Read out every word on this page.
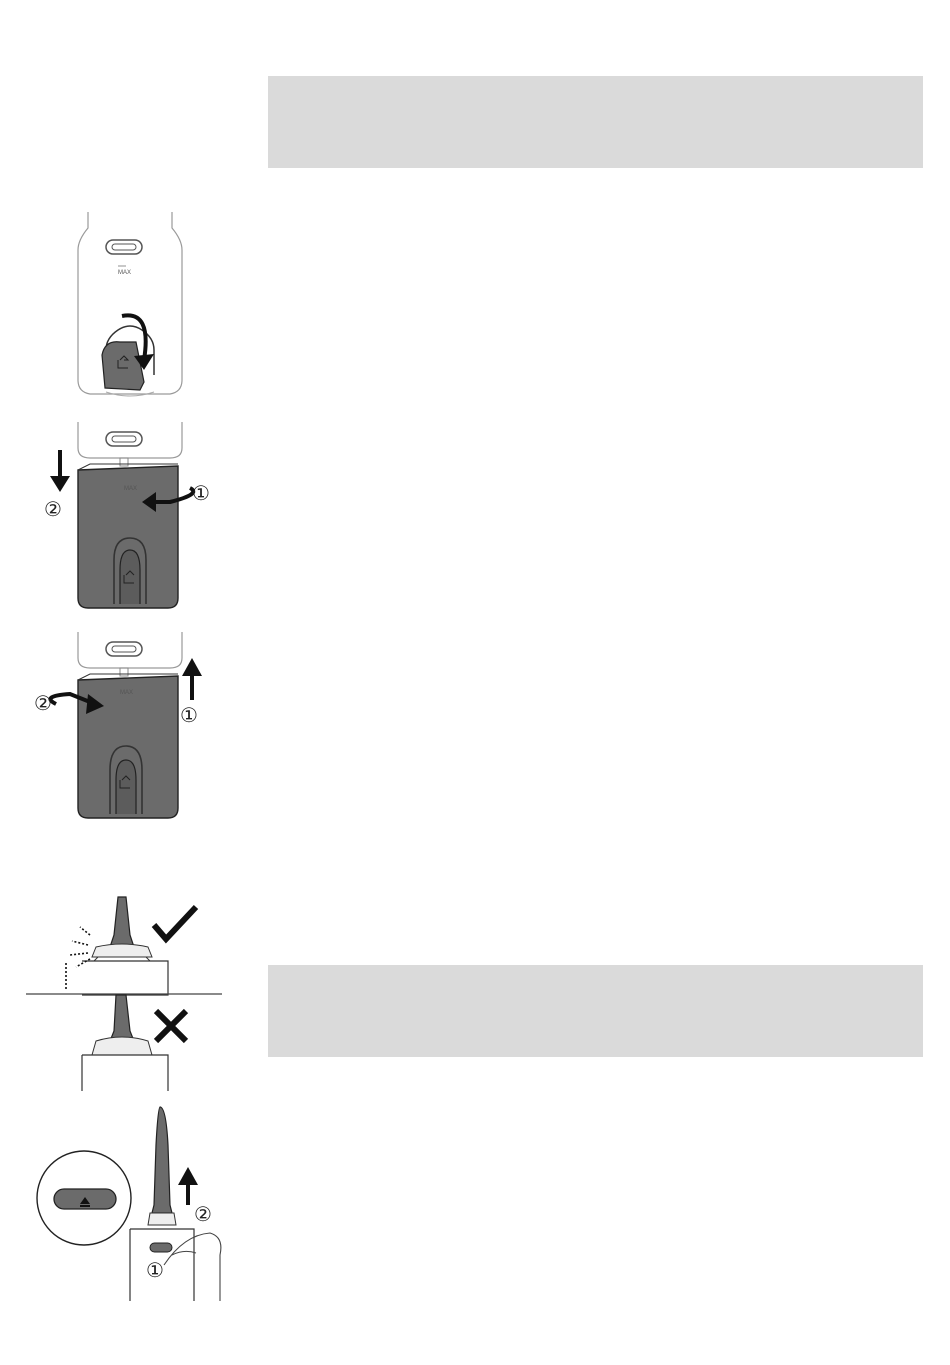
MAX
MAX
②
①
MAX
②	①
②
①
